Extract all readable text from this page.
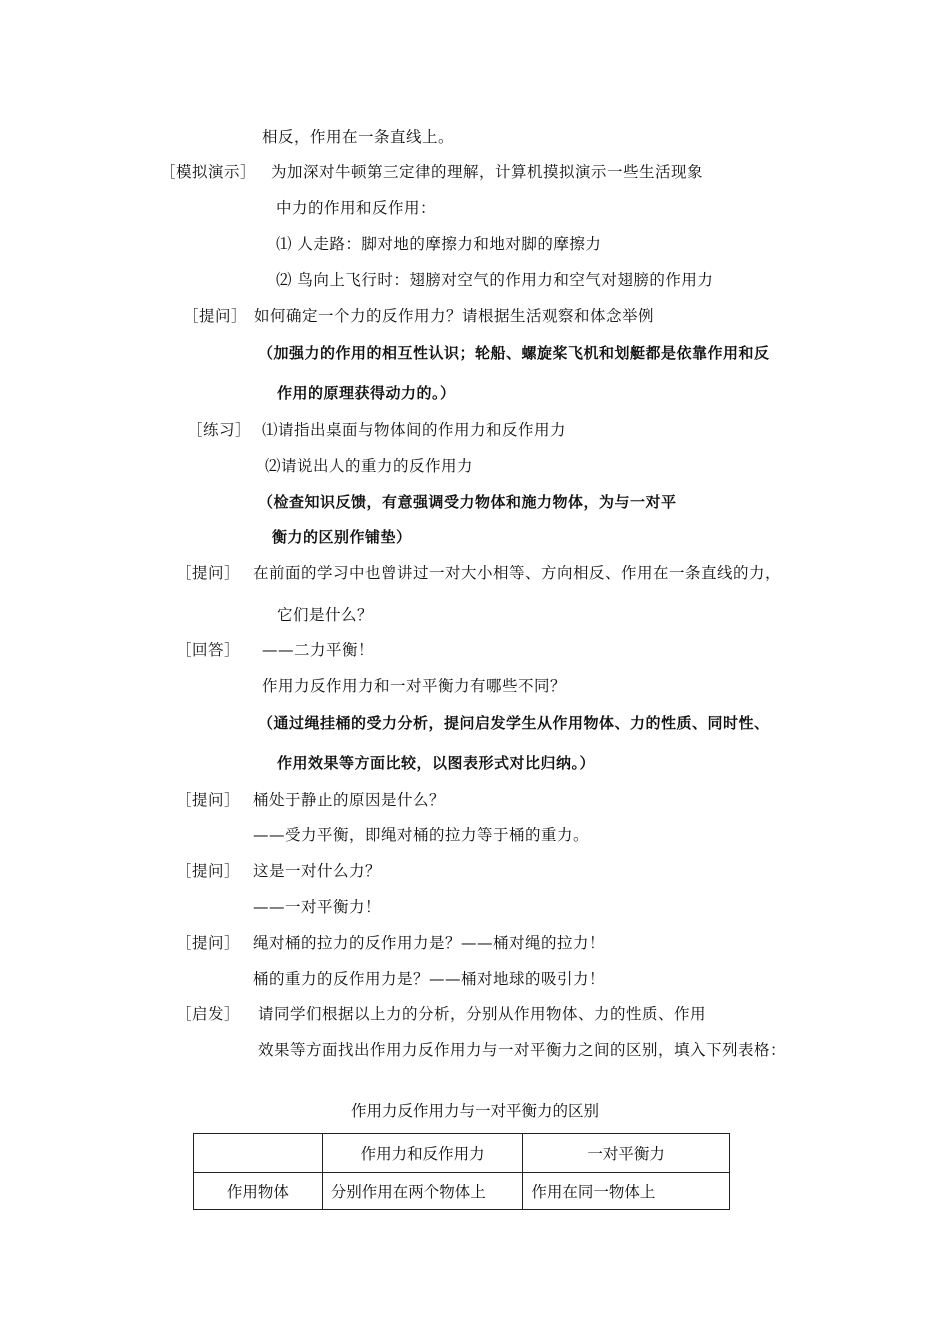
相反，作用在一条直线上。
［模拟演示］ 为加深对牛顿第三定律的理解，计算机摸拟演示一些生活现象
中力的作用和反作用：
⑴ 人走路：脚对地的摩擦力和地对脚的摩擦力
⑵ 鸟向上飞行时：翅膀对空气的作用力和空气对翅膀的作用力
［提问］ 如何确定一个力的反作用力？请根据生活观察和体念举例
（加强力的作用的相互性认识；轮船、螺旋桨飞机和划艇都是依靠作用和反
作用的原理获得动力的。）
［练习］ ⑴请指出桌面与物体间的作用力和反作用力
⑵请说出人的重力的反作用力
（检查知识反馈，有意强调受力物体和施力物体，为与一对平
衡力的区别作铺垫）
［提问］ 在前面的学习中也曾讲过一对大小相等、方向相反、作用在一条直线的力，
它们是什么？
［回答］ ——二力平衡！
作用力反作用力和一对平衡力有哪些不同？
（通过绳挂桶的受力分析，提问启发学生从作用物体、力的性质、同时性、
作用效果等方面比较，以图表形式对比归纳。）
［提问］ 桶处于静止的原因是什么？
——受力平衡，即绳对桶的拉力等于桶的重力。
［提问］ 这是一对什么力？
——一对平衡力！
［提问］ 绳对桶的拉力的反作用力是？——桶对绳的拉力！
桶的重力的反作用力是？——桶对地球的吸引力！
［启发］ 请同学们根据以上力的分析，分别从作用物体、力的性质、作用
效果等方面找出作用力反作用力与一对平衡力之间的区别，填入下列表格：
作用力反作用力与一对平衡力的区别
	作用力和反作用力	一对平衡力
作用物体	分别作用在两个物体上	作用在同一物体上
